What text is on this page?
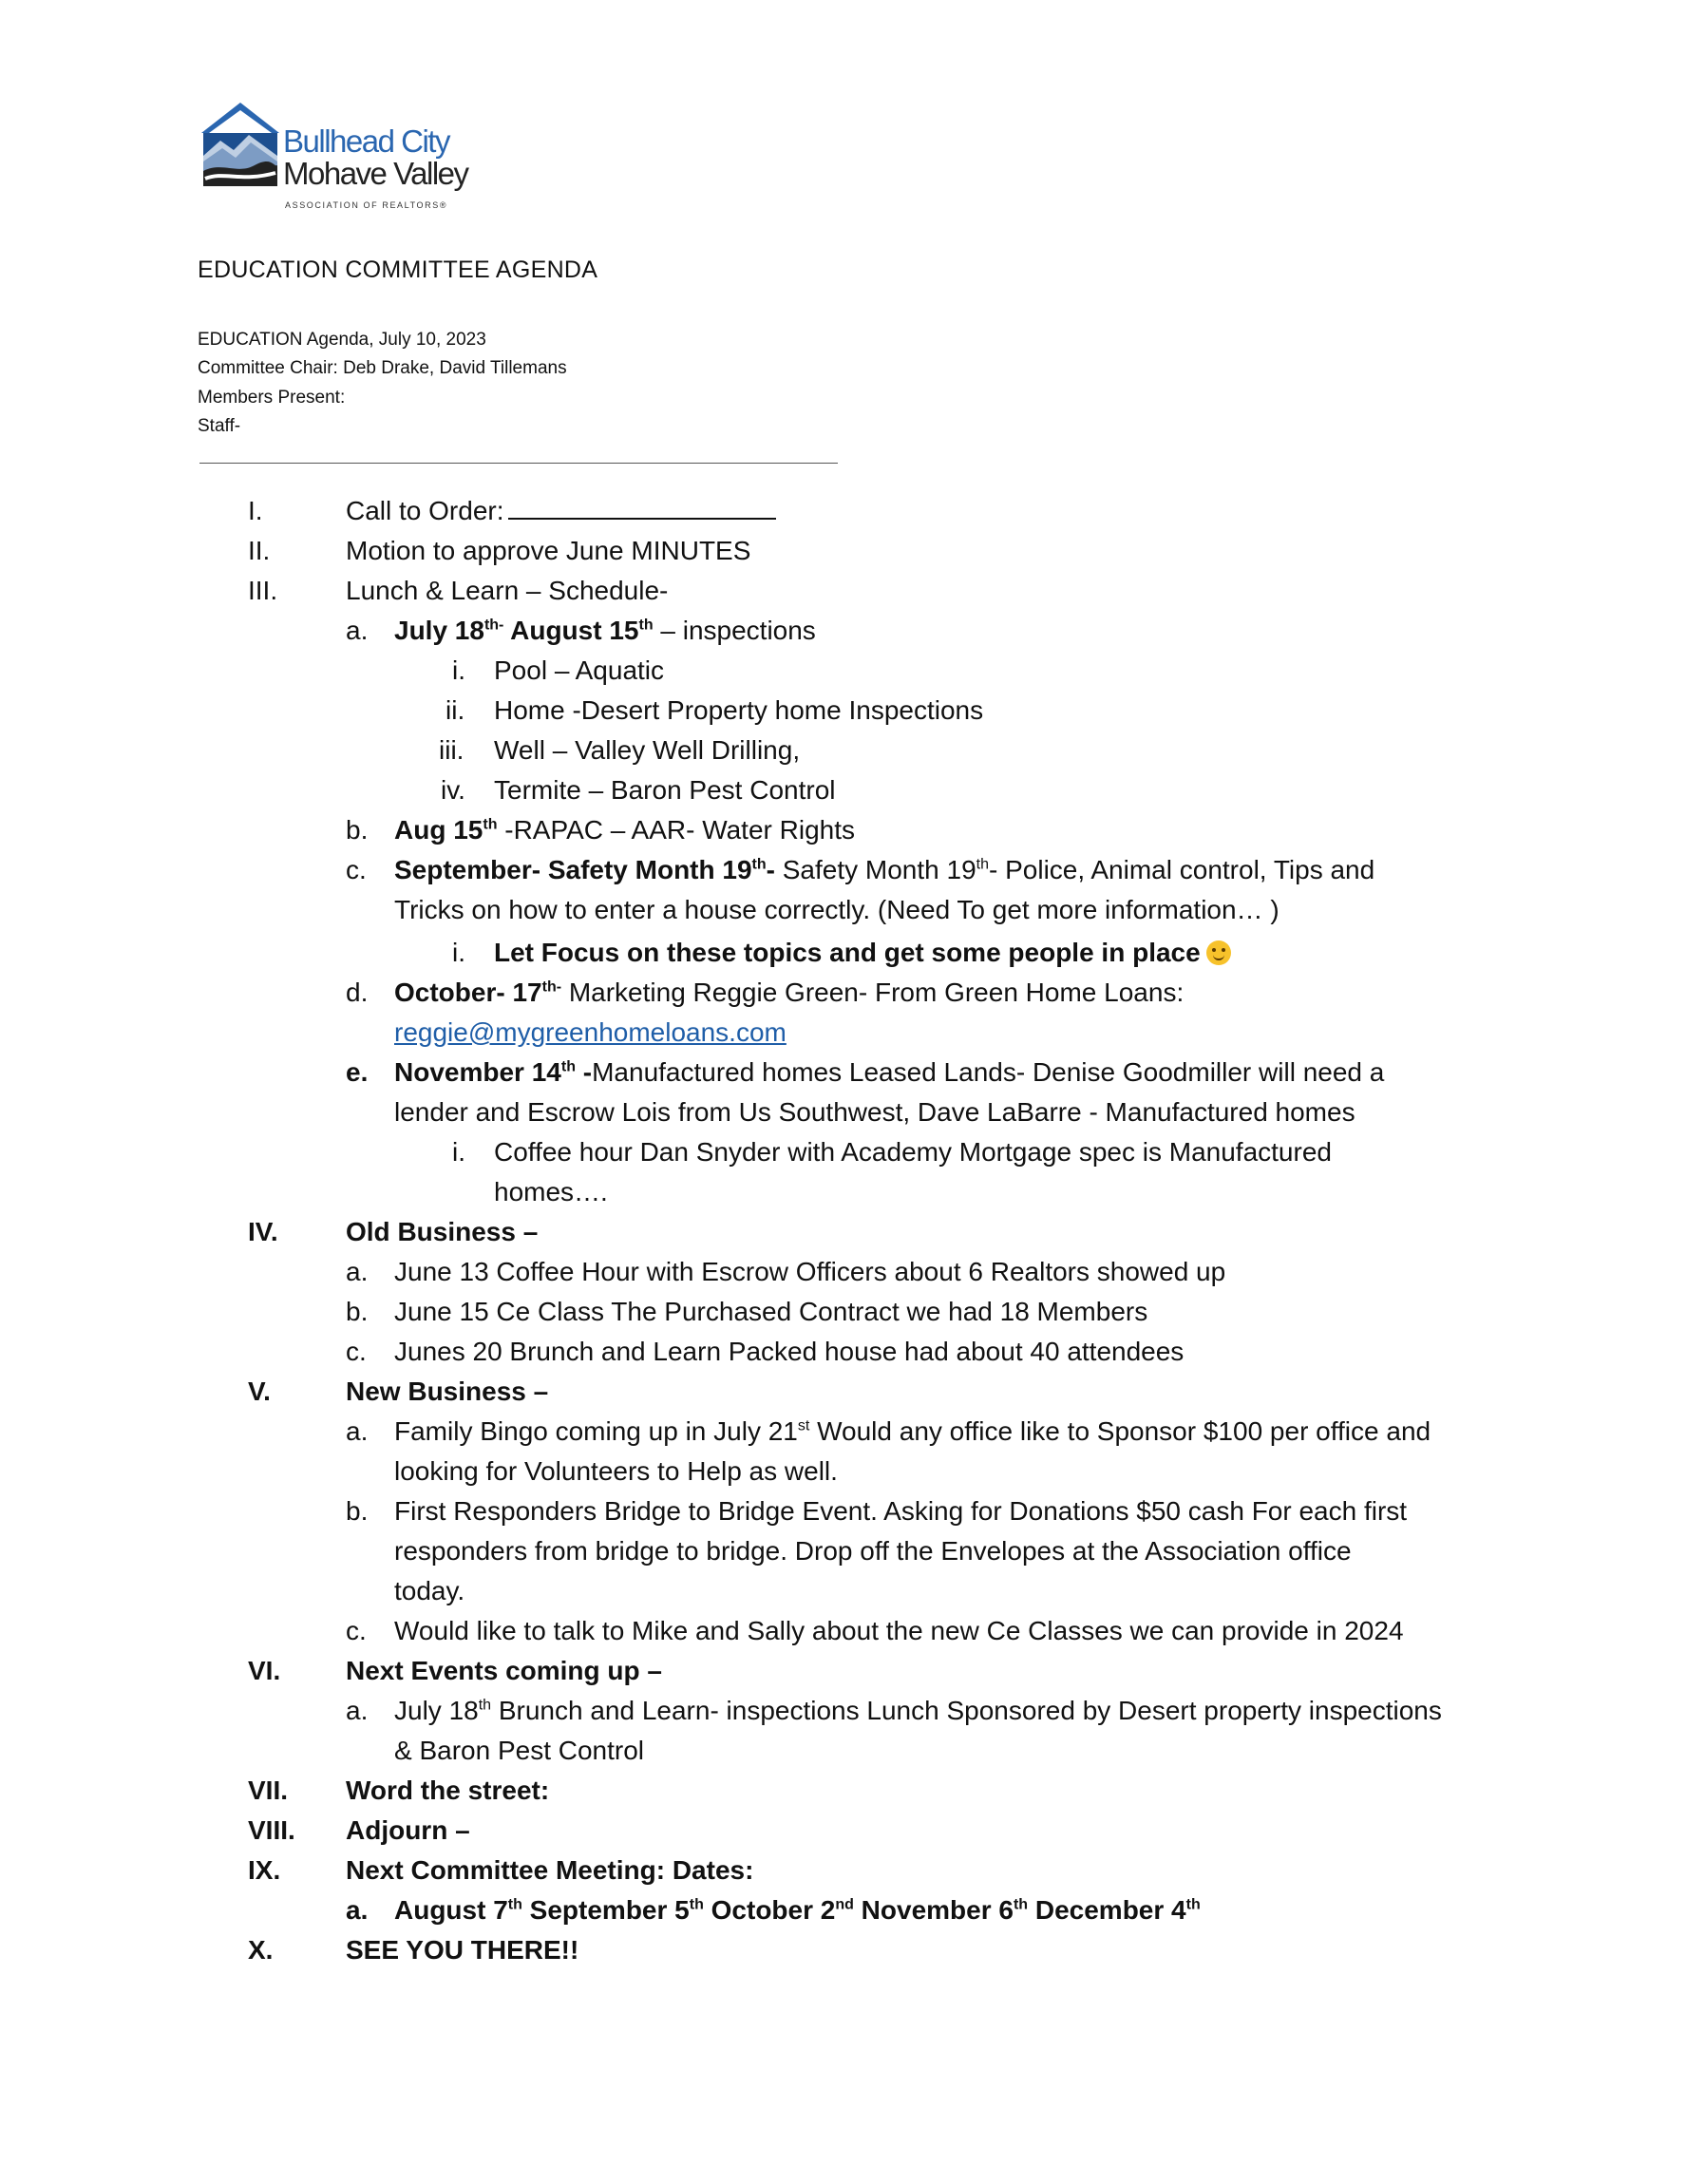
Bullhead City
Mohave Valley
ASSOCIATION OF REALTORS®
EDUCATION COMMITTEE AGENDA
EDUCATION Agenda, July 10, 2023
Committee Chair: Deb Drake, David Tillemans
Members Present:
Staff-
I.	Call to Order:
II.	Motion to approve June MINUTES
III.	Lunch & Learn – Schedule-
a. July $18^{th-}$ August 15th – inspections
i. Pool – Aquatic
ii. Home -Desert Property home Inspections
iii. Well – Valley Well Drilling,
iv. Termite – Baron Pest Control
b. Aug 15th -RAPAC – AAR- Water Rights
c. September- Safety Month 19th- Safety Month 19th- Police, Animal control, Tips and
Tricks on how to enter a house correctly. (Need To get more information… )
i. Let Focus on these topics and get some people in place
d. October- $17^{th-}$ Marketing Reggie Green- From Green Home Loans:
reggie@mygreenhomeloans.com
e. November 14th -Manufactured homes Leased Lands- Denise Goodmiller will need a
lender and Escrow Lois from Us Southwest, Dave LaBarre - Manufactured homes
i. Coffee hour Dan Snyder with Academy Mortgage spec is Manufactured
homes….
IV.	Old Business –
a. June 13 Coffee Hour with Escrow Officers about 6 Realtors showed up
b. June 15 Ce Class The Purchased Contract we had 18 Members
c. Junes 20 Brunch and Learn Packed house had about 40 attendees
V.	New Business –
a. Family Bingo coming up in July 21st Would any office like to Sponsor $100 per office and
looking for Volunteers to Help as well.
b. First Responders Bridge to Bridge Event. Asking for Donations $50 cash For each first
responders from bridge to bridge. Drop off the Envelopes at the Association office
today.
c. Would like to talk to Mike and Sally about the new Ce Classes we can provide in 2024
VI. Next Events coming up –
a. July 18th Brunch and Learn- inspections Lunch Sponsored by Desert property inspections
& Baron Pest Control
VII. Word the street:
VIII. Adjourn –
IX. Next Committee Meeting: Dates:
a. August 7th September 5th October 2nd November 6th December 4th
X.	SEE YOU THERE!!
